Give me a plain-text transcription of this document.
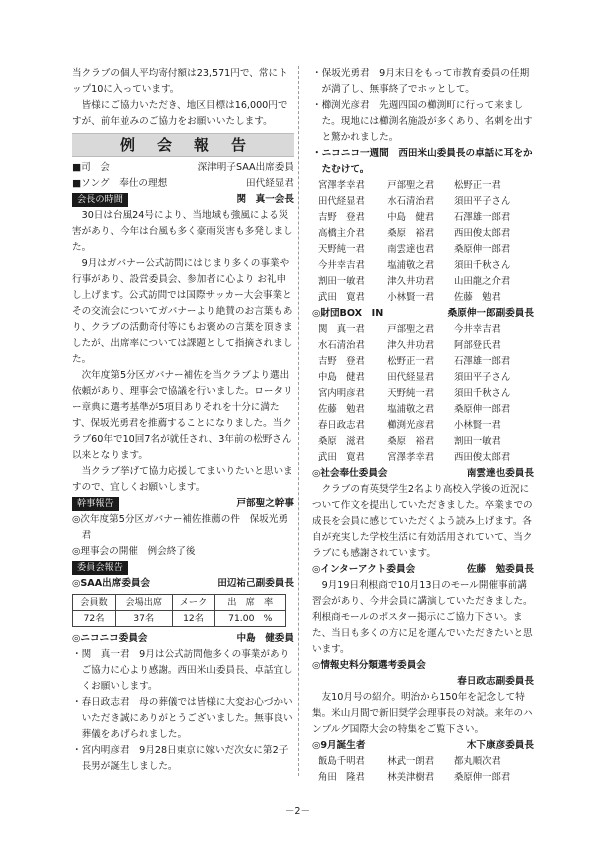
当クラブの個人平均寄付額は23,571円で、常にトップ10に入っています。

皆様にご協力いただき、地区目標は16,000円ですが、前年並みのご協力をお願いいたします。

例会報告
■司　会	深津明子SAA出席委員
■ソング　奉仕の理想	田代経显君
会長の時間	関　真一会長

30日は台風24号により、当地域も強風による災害があり、今年は台風も多く豪雨災害も多発しました。

9月はガバナー公式訪問にはじまり多くの事業や行事があり、設営委員会、参加者に心より お礼申し上げます。公式訪問では国際サッカー大会事業とその交流会についてガバナーより絶賛のお言葉もあり、クラブの活動奇付等にもお褒めの言葉を頂きましたが、出席率については課題として指摘されました。

次年度第5分区ガバナー補佐を当クラブより選出依頼があり、理事会で協議を行いました。ロータリー章典に選考基準が5項目ありそれを十分に満たす、保坂光勇君を推薦することになりました。当クラブ60年で10回7名が就任され、3年前の松野さん以来となります。

当クラブ挙げて協力応援してまいりたいと思いますので、宜しくお願いします。

幹事報告	戸部聖之幹事

◎次年度第5分区ガバナー補佐推薦の件　保坂光勇君

◎理事会の開催　例会終了後

委員会報告
◎SAA出席委員会	田辺祐己副委員長
会員数	会場出席	メーク	出　席　率
72名	37名	12名	71.00　%
◎ニコニコ委員会	中島　健委員

・関　真一君　9月は公式訪問他多くの事業がありご協力に心より感謝。西田米山委員長、卓話宜しくお願いします。

・春日政志君　母の葬儀では皆様に大変お心づかいいただき誠にありがとうございました。無事良い葬儀をあげられました。

・宮内明彦君　9月28日東京に嫁いだ次女に第2子長男が誕生しました。

・保坂光勇君　9月末日をもって市教育委員の任期が満了し、無事終了でホッとして。

・櫛渕光彦君　先週四国の櫛渕町に行って来ました。現地には櫛渕名施設が多くあり、名刺を出すと驚かれました。

・ニコニコ一週間　西田米山委員長の卓話に耳をかたむけて。

宮澤孝幸君	戸部聖之君	松野正一君
田代経显君	水石清治君	須田平子さん
吉野　登君	中島　健君	石澤雄一郎君
高橋主介君	桑原　裕君	西田俊太郎君
天野純一君	南雲達也君	桑原伸一郎君
今井幸吉君	塩浦敬之君	須田千秋さん
割田一敏君	津久井功君	山田龍之介君
武田　寛君	小林賢一君	佐藤　勉君
◎財団BOX　IN	桑原伸一郎副委員長
関　真一君	戸部聖之君	今井幸吉君
水石清治君	津久井功君	阿部登氏君
吉野　登君	松野正一君	石澤雄一郎君
中島　健君	田代経显君	須田平子さん
宮内明彦君	天野純一君	須田千秋さん
佐藤　勉君	塩浦敬之君	桑原伸一郎君
春日政志君	櫛渕光彦君	小林賢一君
桑原　滋君	桑原　裕君	割田一敏君
武田　寛君	宮澤孝幸君	西田俊太郎君
◎社会奉仕委員会	南雲達也委員長

クラブの育英奨学生2名より高校入学後の近況について作文を提出していただきました。卒業までの成長を会員に感じていただくよう読み上げます。各自が充実した学校生活に有効活用されていて、当クラブにも感謝されています。

◎インターアクト委員会	佐藤　勉委員長

9月19日利根商で10月13日のモール開催事前講習会があり、今井会員に講演していただきました。利根商モールのポスター掲示にご協力下さい。また、当日も多くの方に足を運んでいただきたいと思います。

◎情報史料分類選考委員会
春日政志副委員長

友10月号の紹介。明治から150年を記念して特集。米山月間で新旧奨学会理事長の対談。来年のハンブルグ国際大会の特集をご覧下さい。

◎9月誕生者	木下康彦委員長
飯島千明君	林武一朗君	都丸順次君
角田　隆君	林美津樹君	桑原伸一郎君
－2－
